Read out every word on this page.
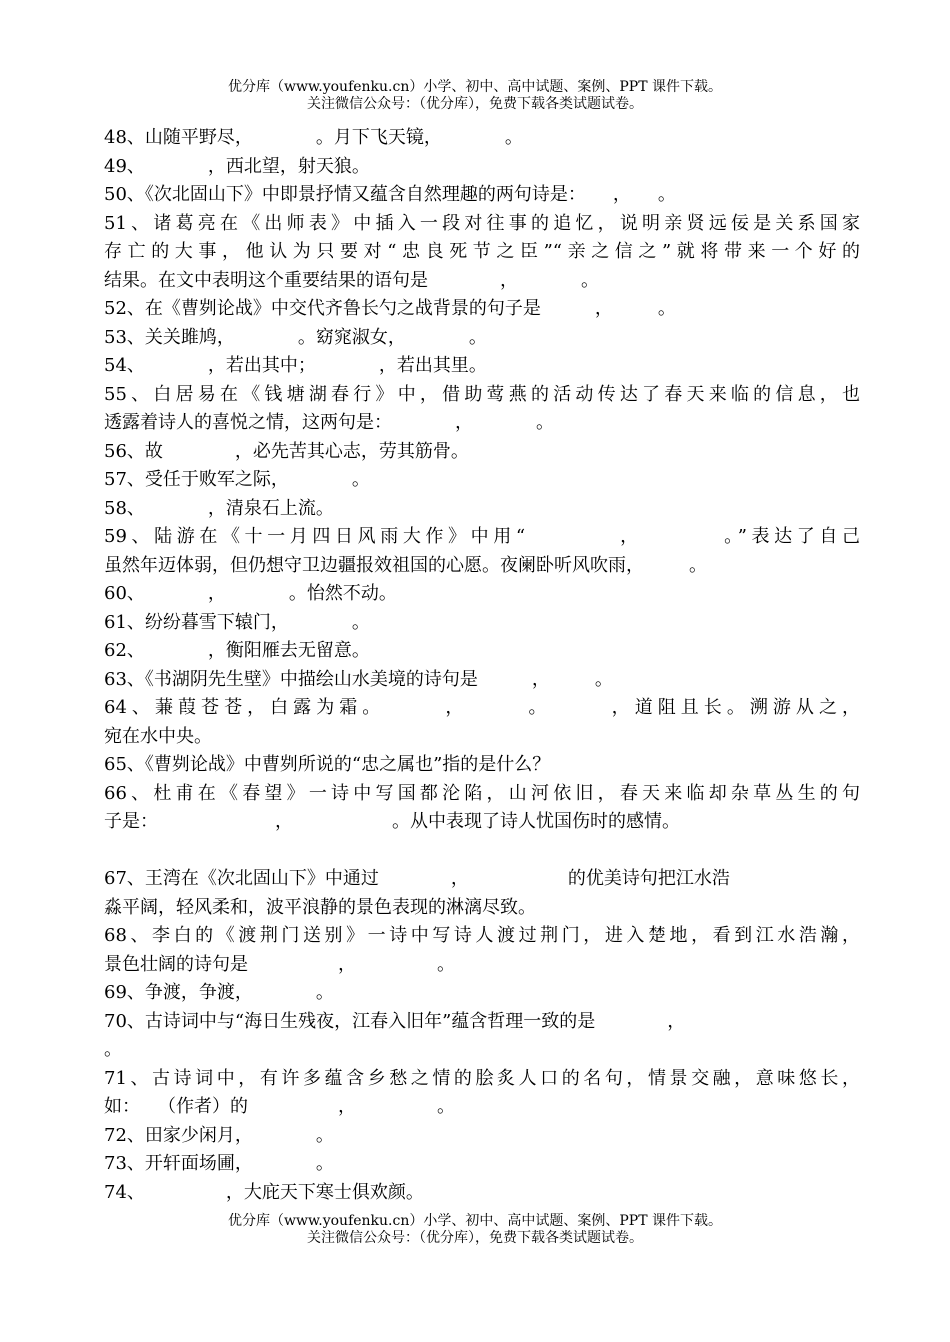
优分库（www.youfenku.cn）小学、初中、高中试题、案例、PPT 课件下载。
关注微信公众号：（优分库），免费下载各类试题试卷。
48、山随平野尽，　　　　。月下飞天镜，　　　　。
49、　　　　，西北望，射天狼。
50、《次北固山下》中即景抒情又蕴含自然理趣的两句诗是：　　，　　。
51、诸葛亮在《出师表》中插入一段对往事的追忆，说明亲贤远佞是关系国家
存亡的大事，他认为只要对“忠良死节之臣”“亲之信之”就将带来一个好的
结果。在文中表明这个重要结果的语句是　　　　，　　　　。
52、在《曹刿论战》中交代齐鲁长勺之战背景的句子是　　　，　　　。
53、关关雎鸠，　　　　。窈窕淑女，　　　　。
54、　　　　，若出其中；　　　　，若出其里。
55、白居易在《钱塘湖春行》中，借助莺燕的活动传达了春天来临的信息，也
透露着诗人的喜悦之情，这两句是：　　　　，　　　　。
56、故　　　　，必先苦其心志，劳其筋骨。
57、受任于败军之际，　　　　。
58、　　　　，清泉石上流。
59、陆游在《十一月四日风雨大作》中用“　　　　，　　　　。”表达了自己
虽然年迈体弱，但仍想守卫边疆报效祖国的心愿。夜阑卧听风吹雨，　　　。
60、　　　　，　　　　。怡然不动。
61、纷纷暮雪下辕门，　　　　。
62、　　　　，衡阳雁去无留意。
63、《书湖阴先生壁》中描绘山水美境的诗句是　　　，　　　。
64、蒹葭苍苍，白露为霜。　　　，　　　。　　　，道阻且长。溯游从之，
宛在水中央。
65、《曹刿论战》中曹刿所说的“忠之属也”指的是什么？
66、杜甫在《春望》一诗中写国都沦陷，山河依旧，春天来临却杂草丛生的句
子是：　　　　　　　，　　　　　　。从中表现了诗人忧国伤时的感情。
67、王湾在《次北固山下》中通过　　　　，　　　　　　的优美诗句把江水浩
淼平阔，轻风柔和，波平浪静的景色表现的淋漓尽致。
68、李白的《渡荆门送别》一诗中写诗人渡过荆门，进入楚地，看到江水浩瀚，
景色壮阔的诗句是　　　　　，　　　　　。
69、争渡，争渡，　　　　。
70、古诗词中与“海日生残夜，江春入旧年”蕴含哲理一致的是　　　　，
。
71、古诗词中，有许多蕴含乡愁之情的脍炙人口的名句，情景交融，意味悠长，
如：　　（作者）的　　　　　，　　　　　。
72、田家少闲月，　　　　。
73、开轩面场圃，　　　　。
74、　　　　　，大庇天下寒士俱欢颜。
优分库（www.youfenku.cn）小学、初中、高中试题、案例、PPT 课件下载。
关注微信公众号：（优分库），免费下载各类试题试卷。
